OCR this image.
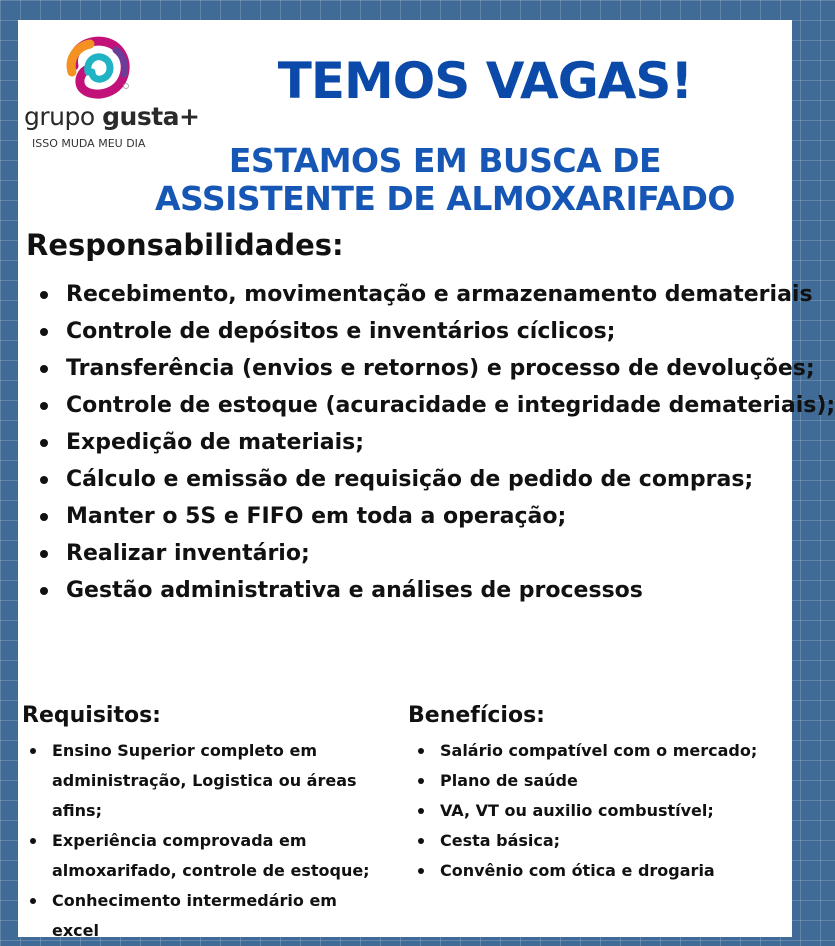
grupo gusta+
ISSO MUDA MEU DIA
TEMOS VAGAS!
ESTAMOS EM BUSCA DE
ASSISTENTE DE ALMOXARIFADO
Responsabilidades:
Recebimento, movimentação e armazenamento demateriais
Controle de depósitos e inventários cíclicos;
Transferência (envios e retornos) e processo de devoluções;
Controle de estoque (acuracidade e integridade demateriais);
Expedição de materiais;
Cálculo e emissão de requisição de pedido de compras;
Manter o 5S e FIFO em toda a operação;
Realizar inventário;
Gestão administrativa e análises de processos
Requisitos:
Ensino Superior completo em
administração, Logistica ou áreas
afins;
Experiência comprovada em
almoxarifado, controle de estoque;
Conhecimento intermedário em
excel
Benefícios:
Salário compatível com o mercado;
Plano de saúde
VA, VT ou auxilio combustível;
Cesta básica;
Convênio com ótica e drogaria
